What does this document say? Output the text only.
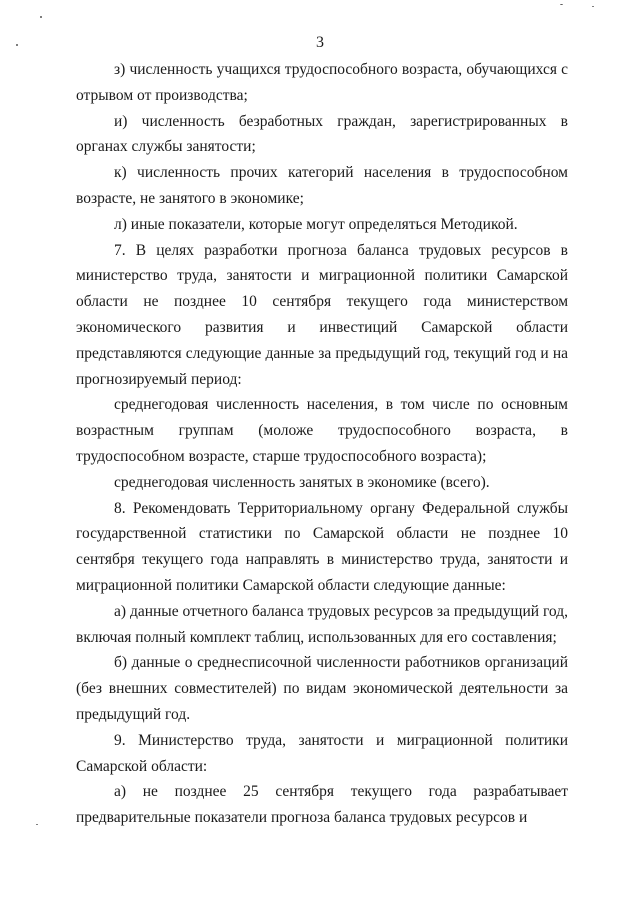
3

з) численность учащихся трудоспособного возраста, обучающихся с отрывом от производства;

и) численность безработных граждан, зарегистрированных в органах службы занятости;

к) численность прочих категорий населения в трудоспособном возрасте, не занятого в экономике;

л) иные показатели, которые могут определяться Методикой.

7. В целях разработки прогноза баланса трудовых ресурсов в министерство труда, занятости и миграционной политики Самарской области не позднее 10 сентября текущего года министерством экономического развития и инвестиций Самарской области представляются следующие данные за предыдущий год, текущий год и на прогнозируемый период:

среднегодовая численность населения, в том числе по основным возрастным группам (моложе трудоспособного возраста, в трудоспособном возрасте, старше трудоспособного возраста);

среднегодовая численность занятых в экономике (всего).

8. Рекомендовать Территориальному органу Федеральной службы государственной статистики по Самарской области не позднее 10 сентября текущего года направлять в министерство труда, занятости и миграционной политики Самарской области следующие данные:

а) данные отчетного баланса трудовых ресурсов за предыдущий год, включая полный комплект таблиц, использованных для его составления;

б) данные о среднесписочной численности работников организаций (без внешних совместителей) по видам экономической деятельности за предыдущий год.

9. Министерство труда, занятости и миграционной политики Самарской области:

а) не позднее 25 сентября текущего года разрабатывает предварительные показатели прогноза баланса трудовых ресурсов и
